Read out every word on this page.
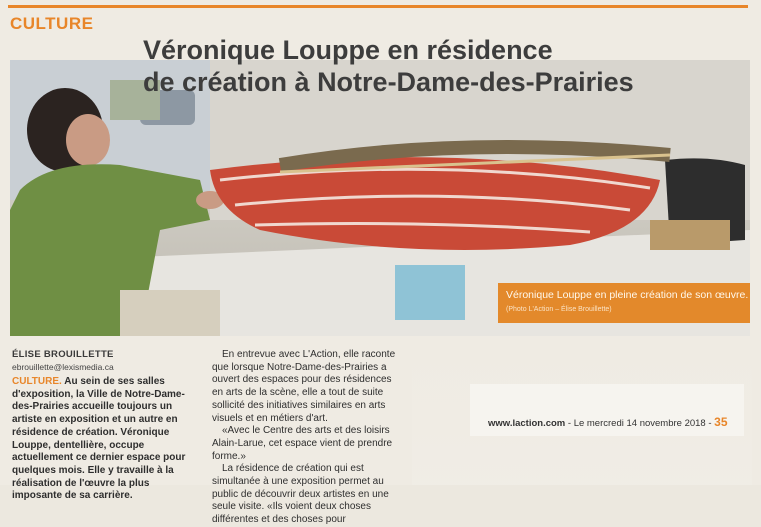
CULTURE
Véronique Louppe en résidence
de création à Notre-Dame-des-Prairies
Véronique Louppe en pleine création de son œuvre.
(Photo L'Action – Élise Brouillette)
ÉLISE BROUILLETTE
ebrouillette@lexismedia.ca
CULTURE. Au sein de ses salles d'exposition, la Ville de Notre-Dame-des-Prairies accueille toujours un artiste en exposition et un autre en résidence de création. Véronique Louppe, dentellière, occupe actuellement ce dernier espace pour quelques mois. Elle y travaille à la réalisation de l'œuvre la plus imposante de sa carrière.

En entrevue avec L'Action, elle raconte que lorsque Notre-Dame-des-Prairies a ouvert des espaces pour des résidences en arts de la scène, elle a tout de suite sollicité des initiatives similaires en arts visuels et en métiers d'art.

«Avec le Centre des arts et des loisirs Alain-Larue, cet espace vient de prendre forme.»

La résidence de création qui est simultanée à une exposition permet au public de découvrir deux artistes en une seule visite. «Ils voient deux choses différentes et des choses pour

www.laction.com - Le mercredi 14 novembre 2018 - 35
